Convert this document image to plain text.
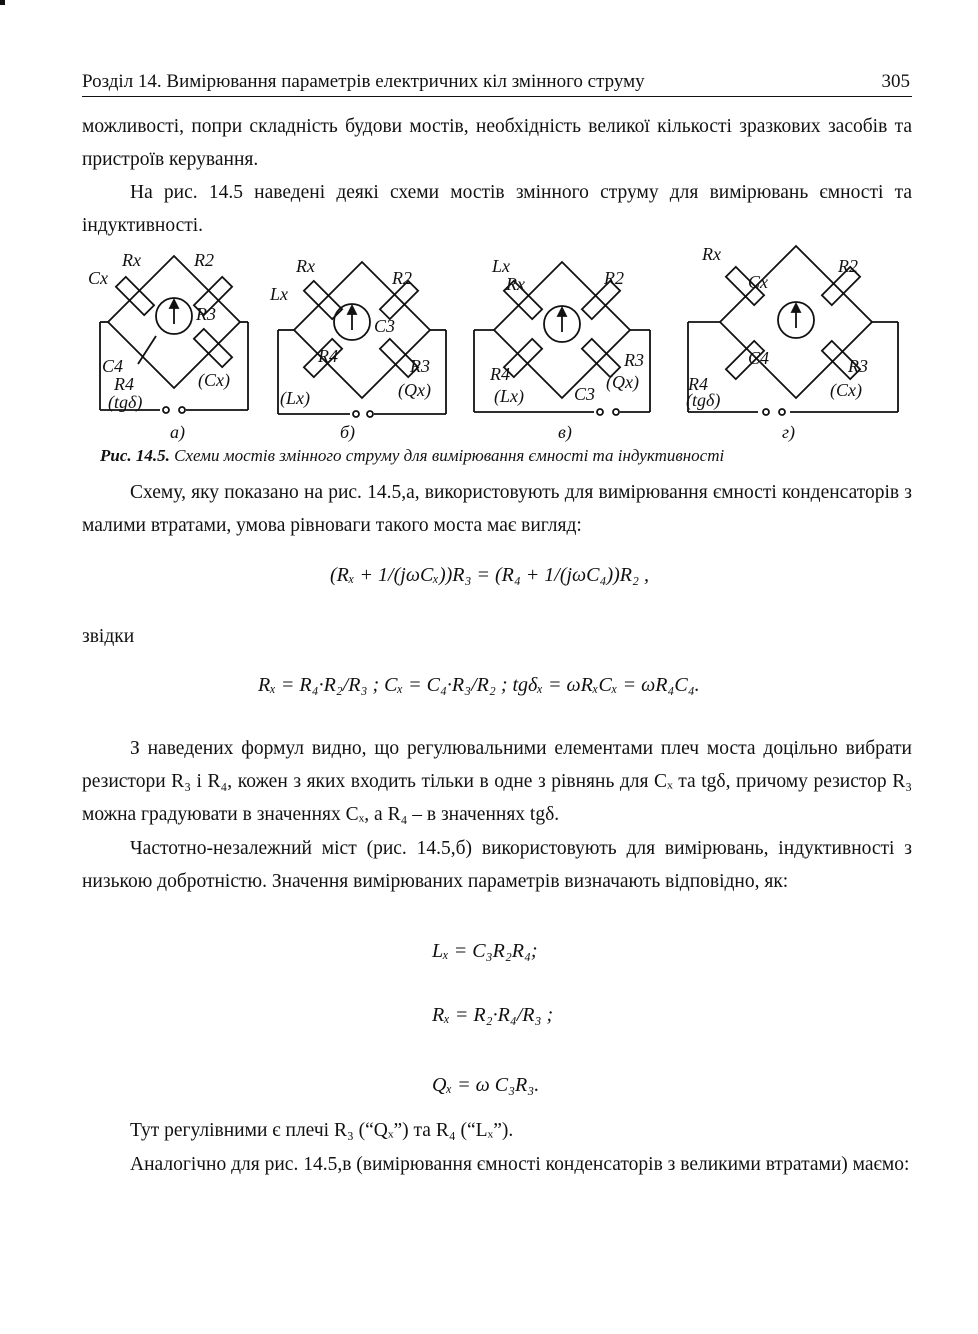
Розділ 14. Вимірювання параметрів електричних кіл змінного струму	305
можливості, попри складність будови мостів, необхідність великої кількості зразкових засобів та пристроїв керування.
На рис. 14.5 наведені деякі схеми мостів змінного струму для вимірювань ємності та індуктивності.
Rx	R2
Cx
R3
C4
R4	(Cx)
(tgδ)
Rx
R2
Lx
C3
R4	R3
(Qx)
(Lx)
Lx
Rx	R2
R3
R4	(Qx)
(Lx)	C3
Rx
R2
Cx
C4	R3
R4	(Cx)
(tgδ)
а)	б)	в)	г)
Рис. 14.5. Схеми мостів змінного струму для вимірювання ємності та індуктивності
Схему, яку показано на рис. 14.5,а, використовують для вимірювання ємності конденсаторів з малими втратами, умова рівноваги такого моста має вигляд:
(Rₓ + 1/(jωCₓ))R₃ = (R₄ + 1/(jωC₄))R₂ ,
звідки
Rₓ = R₄·R₂/R₃ ; Cₓ = C₄·R₃/R₂ ; tgδₓ = ωRₓCₓ = ωR₄C₄.
З наведених формул видно, що регулювальними елементами плеч моста доцільно вибрати резистори R₃ і R₄, кожен з яких входить тільки в одне з рівнянь для Cₓ та tgδ, причому резистор R₃ можна градуювати в значеннях Cₓ, а R₄ – в значеннях tgδ.
Частотно-незалежний міст (рис. 14.5,б) використовують для вимірювань, індуктивності з низькою добротністю. Значення вимірюваних параметрів визначають відповідно, як:
Lₓ = C₃R₂R₄;
Rₓ = R₂·R₄/R₃ ;
Qₓ = ω C₃R₃.
Тут регулівними є плечі R₃ (“Qₓ”) та R₄ (“Lₓ”).
Аналогічно для рис. 14.5,в (вимірювання ємності конденсаторів з великими втратами) маємо:
